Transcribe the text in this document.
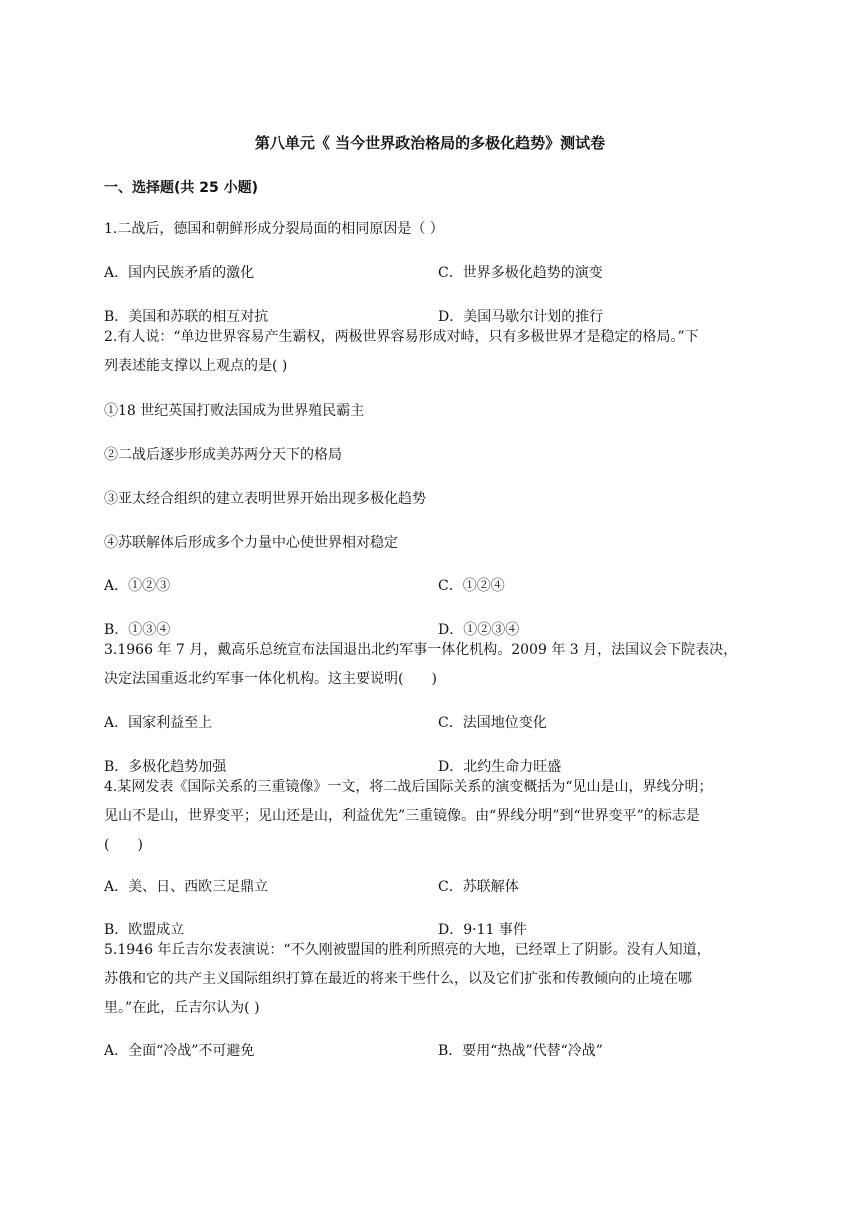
第八单元《 当今世界政治格局的多极化趋势》测试卷
一、选择题(共 25 小题)
1.二战后，德国和朝鲜形成分裂局面的相同原因是（ ）
A．国内民族矛盾的激化	C．世界多极化趋势的演变
B．美国和苏联的相互对抗	D．美国马歇尔计划的推行
2.有人说：“单边世界容易产生霸权，两极世界容易形成对峙，只有多极世界才是稳定的格局。”下
列表述能支撑以上观点的是( )
①18 世纪英国打败法国成为世界殖民霸主
②二战后逐步形成美苏两分天下的格局
③亚太经合组织的建立表明世界开始出现多极化趋势
④苏联解体后形成多个力量中心使世界相对稳定
A．①②③	C．①②④
B．①③④	D．①②③④
3.1966 年 7 月，戴高乐总统宣布法国退出北约军事一体化机构。2009 年 3 月，法国议会下院表决，
决定法国重返北约军事一体化机构。这主要说明(　　)
A．国家利益至上	C．法国地位变化
B．多极化趋势加强	D．北约生命力旺盛
4.某网发表《国际关系的三重镜像》一文，将二战后国际关系的演变概括为“见山是山，界线分明；
见山不是山，世界变平；见山还是山，利益优先”三重镜像。由“界线分明”到“世界变平”的标志是
(　　)
A．美、日、西欧三足鼎立	C．苏联解体
B．欧盟成立	D．9·11 事件
5.1946 年丘吉尔发表演说：“不久刚被盟国的胜利所照亮的大地，已经罩上了阴影。没有人知道，
苏俄和它的共产主义国际组织打算在最近的将来干些什么，以及它们扩张和传教倾向的止境在哪
里。”在此，丘吉尔认为( )
A．全面“冷战”不可避免	B．要用“热战”代替“冷战”
